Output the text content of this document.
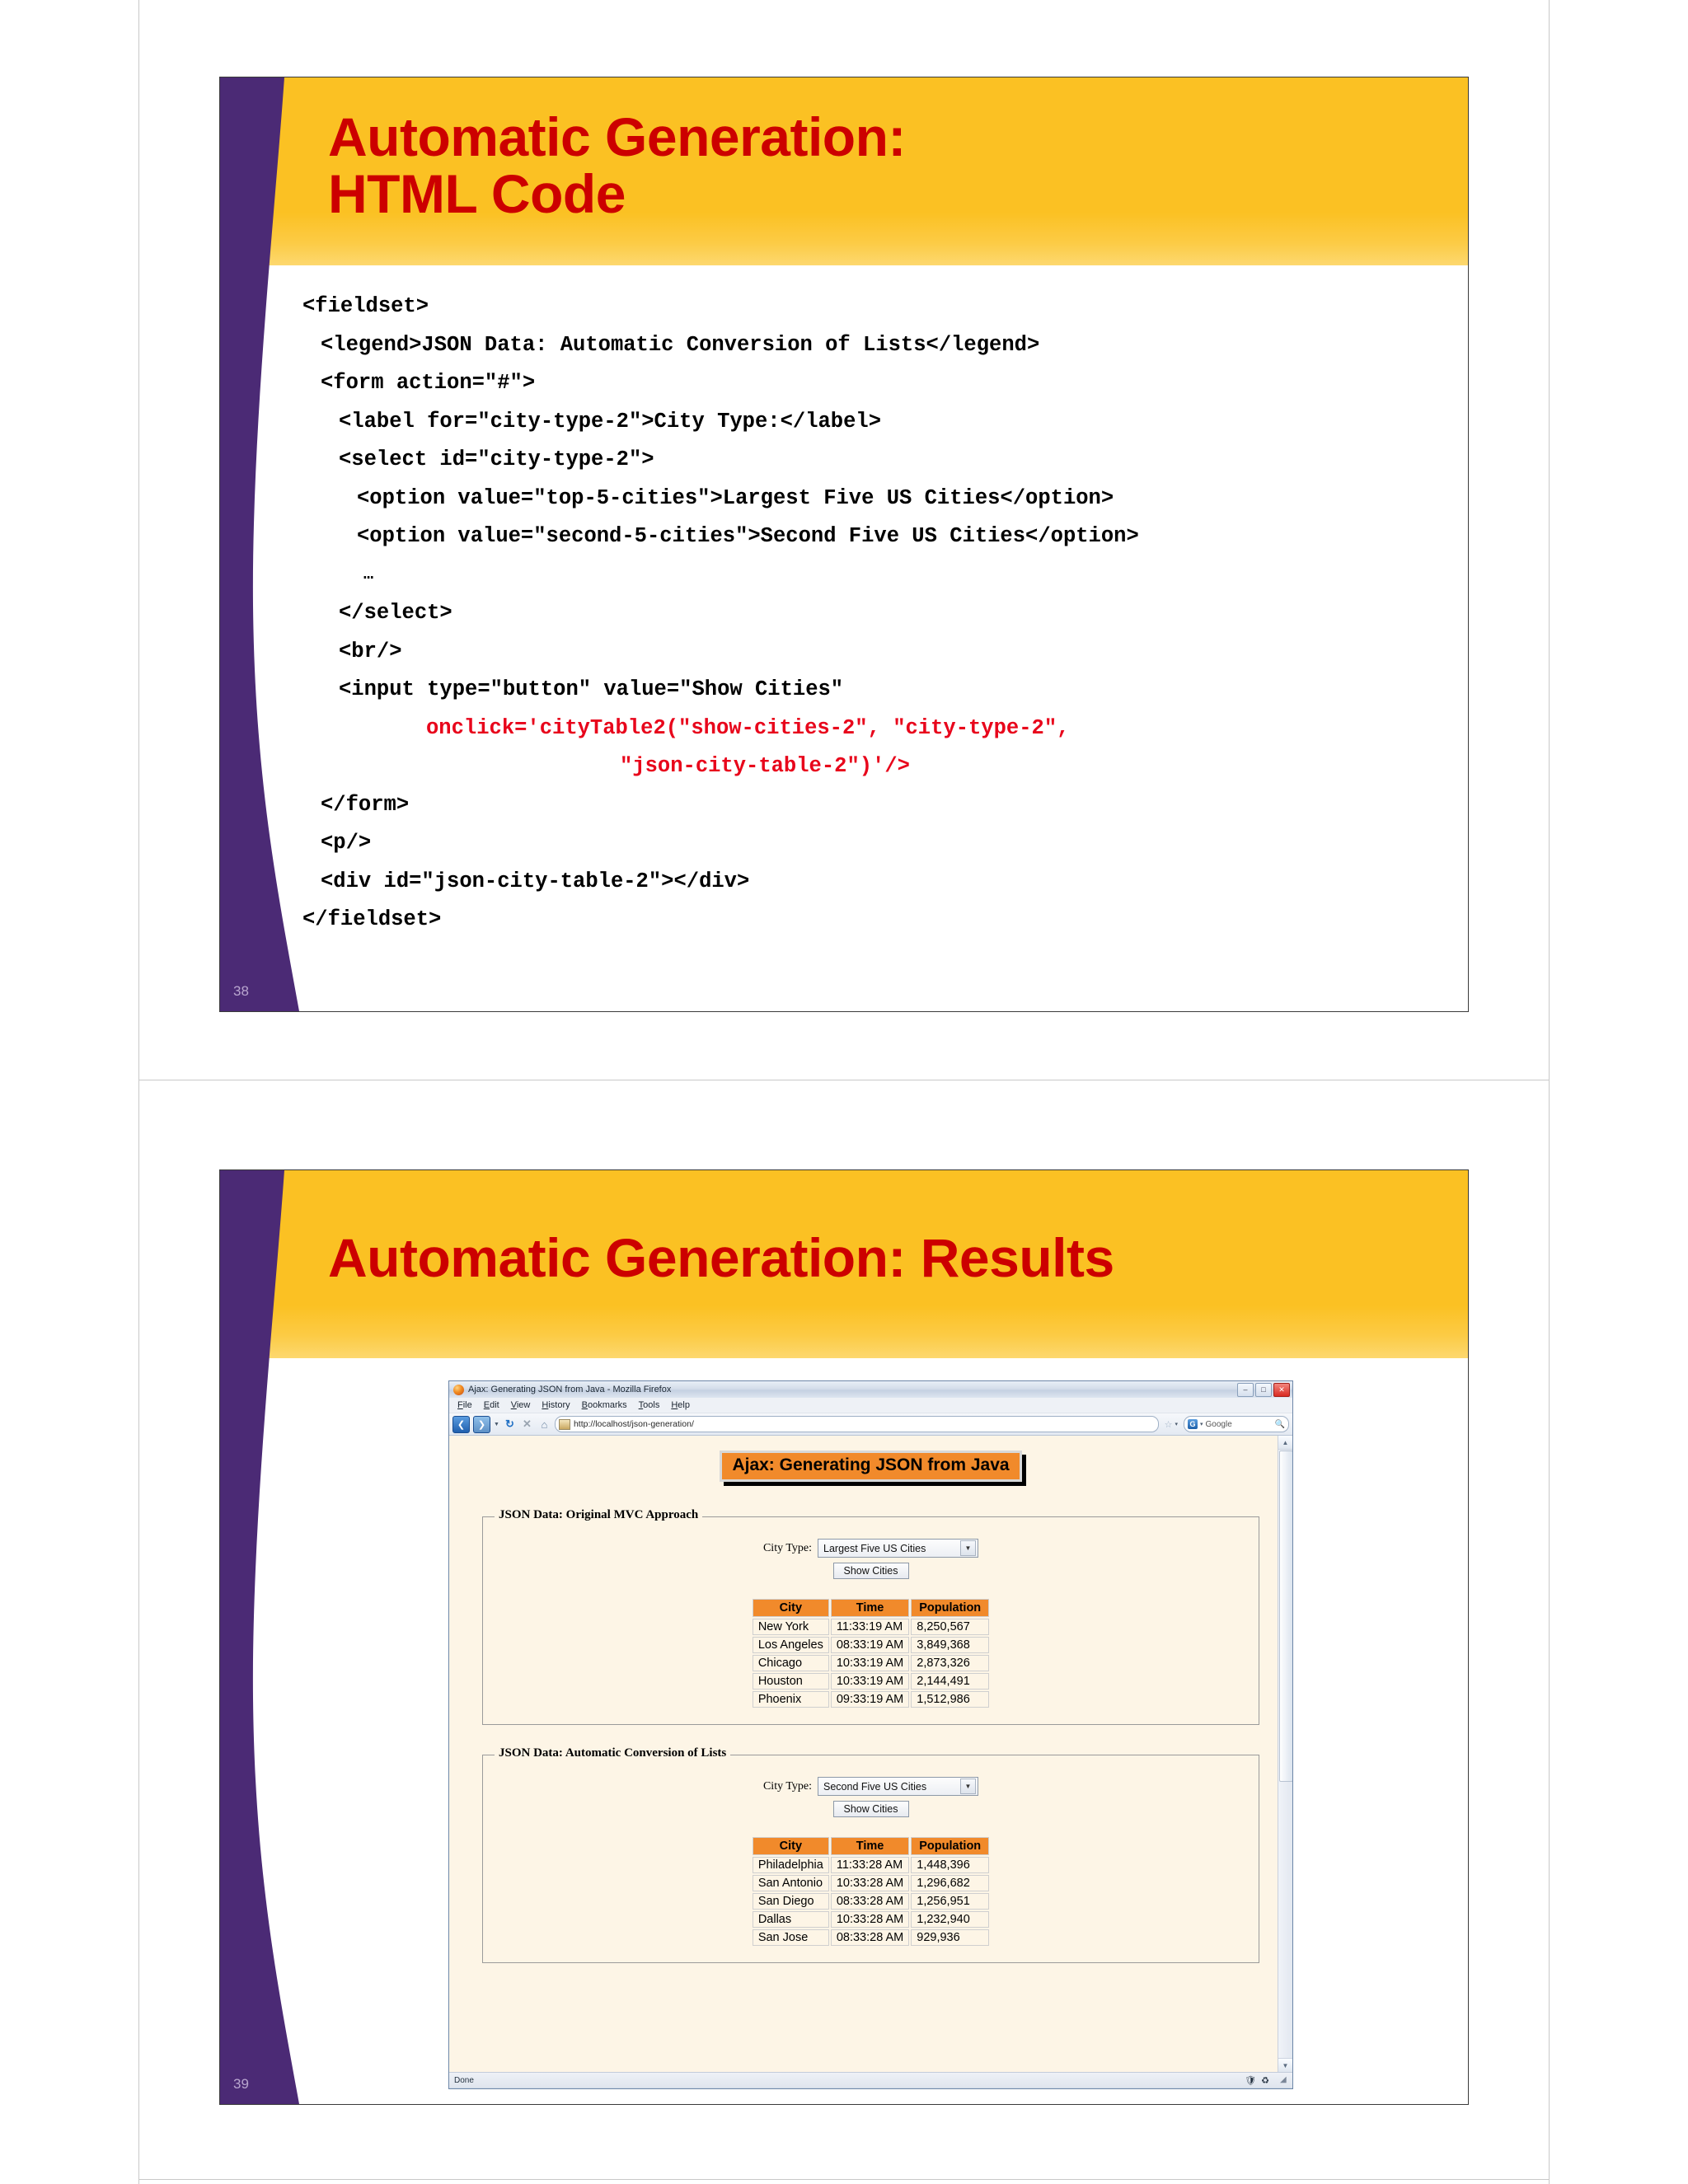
Automatic Generation:
HTML Code
<fieldset>
<legend>JSON Data: Automatic Conversion of Lists</legend>
<form action="#">
<label for="city-type-2">City Type:</label>
<select id="city-type-2">
<option value="top-5-cities">Largest Five US Cities</option>
<option value="second-5-cities">Second Five US Cities</option>
…
</select>
<br/>
<input type="button" value="Show Cities"
onclick='cityTable2("show-cities-2", "city-type-2",
"json-city-table-2")'/>
</form>
<p/>
<div id="json-city-table-2"></div>
</fieldset>
38
Automatic Generation: Results
Ajax: Generating JSON from Java - Mozilla Firefox	–	□	✕
File Edit View History Bookmarks Tools Help
❮	❯	▼ ↻ ✕ ⌂	http://localhost/json-generation/	☆ ▾ G ▾ Google	🔍
Ajax: Generating JSON from Java
JSON Data: Original MVC Approach
City Type: Largest Five US Cities	▼
Show Cities
City	Time	Population
New York	11:33:19 AM	8,250,567
Los Angeles	08:33:19 AM	3,849,368
Chicago	10:33:19 AM	2,873,326
Houston	10:33:19 AM	2,144,491
Phoenix	09:33:19 AM	1,512,986
JSON Data: Automatic Conversion of Lists
City Type: Second Five US Cities	▼
Show Cities
City	Time	Population
Philadelphia	11:33:28 AM	1,448,396
San Antonio	10:33:28 AM	1,296,682
San Diego	08:33:28 AM	1,256,951
Dallas	10:33:28 AM	1,232,940
San Jose	08:33:28 AM	929,936
▲
▼
Done	🛡 ♻ ◢
39
